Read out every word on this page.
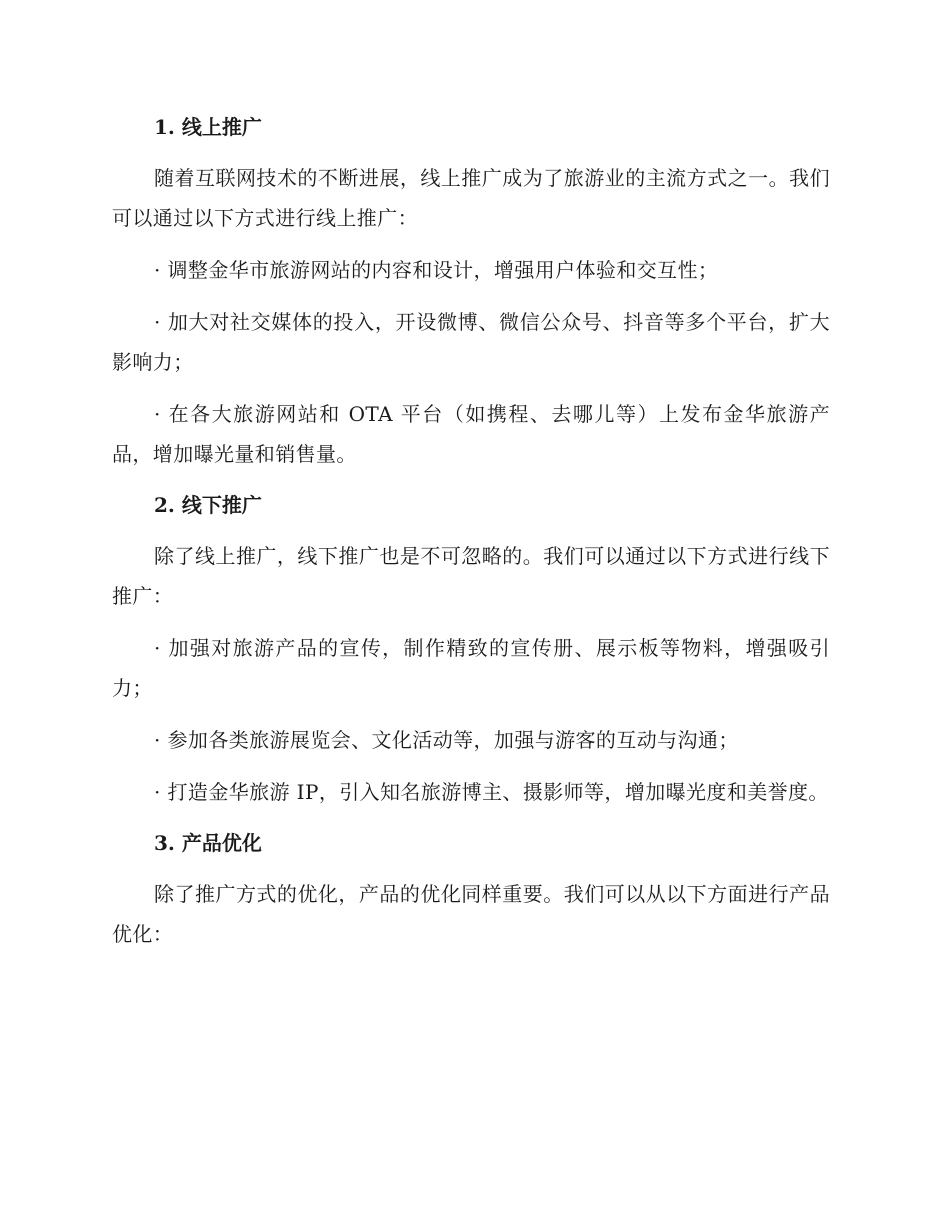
1. 线上推广

随着互联网技术的不断进展，线上推广成为了旅游业的主流方式之一。我们可以通过以下方式进行线上推广：

· 调整金华市旅游网站的内容和设计，增强用户体验和交互性；

· 加大对社交媒体的投入，开设微博、微信公众号、抖音等多个平台，扩大影响力；

· 在各大旅游网站和 OTA 平台（如携程、去哪儿等）上发布金华旅游产品，增加曝光量和销售量。

2. 线下推广

除了线上推广，线下推广也是不可忽略的。我们可以通过以下方式进行线下推广：

· 加强对旅游产品的宣传，制作精致的宣传册、展示板等物料，增强吸引力；

· 参加各类旅游展览会、文化活动等，加强与游客的互动与沟通；

· 打造金华旅游 IP，引入知名旅游博主、摄影师等，增加曝光度和美誉度。

3. 产品优化

除了推广方式的优化，产品的优化同样重要。我们可以从以下方面进行产品优化：
